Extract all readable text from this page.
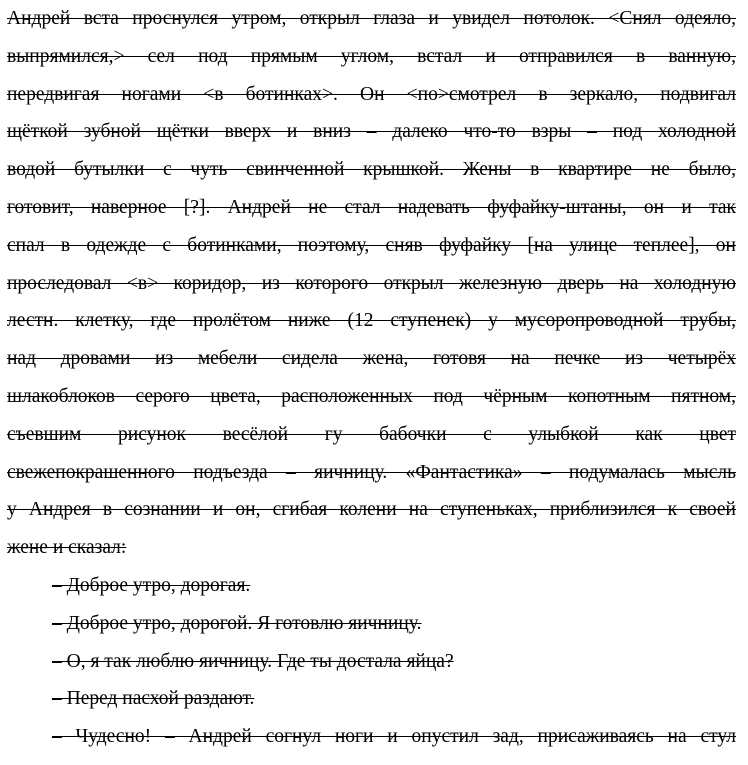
Андрей вста проснулся утром, открыл глаза и увидел потолок. <Снял одеяло,
выпрямился,> сел под прямым углом, встал и отправился в ванную,
передвигая ногами <в ботинках>. Он <по>смотрел в зеркало, подвигал
щёткой зубной щётки вверх и вниз – далеко что-то взры – под холодной
водой бутылки с чуть свинченной крышкой. Жены в квартире не было,
готовит, наверное [?]. Андрей не стал надевать фуфайку-штаны, он и так
спал в одежде с ботинками, поэтому, сняв фуфайку [на улице теплее], он
проследовал <в> коридор, из которого открыл железную дверь на холодную
лестн. клетку, где пролётом ниже (12 ступенек) у мусоропроводной трубы,
над дровами из мебели сидела жена, готовя на печке из четырёх
шлакоблоков серого цвета, расположенных под чёрным копотным пятном,
съевшим рисунок весёлой гу бабочки с улыбкой как цвет
свежепокрашенного подъезда – яичницу. «Фантастика» – подумалась мысль
у Андрея в сознании и он, сгибая колени на ступеньках, приблизился к своей
жене и сказал:

– Доброе утро, дорогая.

– Доброе утро, дорогой. Я готовлю яичницу.

– О, я так люблю яичницу. Где ты достала яйца?

– Перед пасхой раздают.

– Чудесно! – Андрей согнул ноги и опустил зад, присаживаясь на стул
